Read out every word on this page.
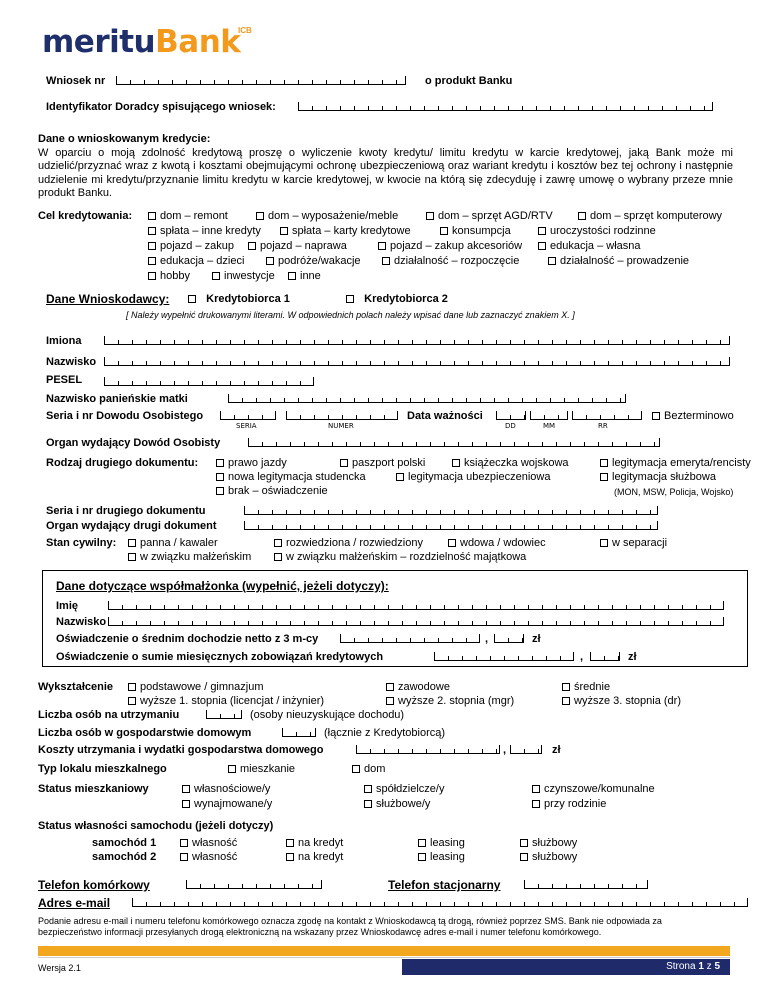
merituBank
ICB
Wniosek nr	o produkt Banku
Identyfikator Doradcy spisującego wniosek:
Dane o wnioskowanym kredycie:
W oparciu o moją zdolność kredytową proszę o wyliczenie kwoty kredytu/ limitu kredytu w karcie kredytowej, jaką Bank może mi udzielić/przyznać wraz z kwotą i kosztami obejmującymi ochronę ubezpieczeniową oraz wariant kredytu i kosztów bez tej ochrony i następnie udzielenie mi kredytu/przyznanie limitu kredytu w karcie kredytowej, w kwocie na którą się zdecyduję i zawrę umowę o wybrany przeze mnie produkt Banku.
Cel kredytowania:	dom – remont	dom – wyposażenie/meble	dom – sprzęt AGD/RTV	dom – sprzęt komputerowy
spłata – inne kredyty	spłata – karty kredytowe	konsumpcja	uroczystości rodzinne
pojazd – zakup	pojazd – naprawa	pojazd – zakup akcesoriów	edukacja – własna
edukacja – dzieci	podróże/wakacje	działalność – rozpoczęcie	działalność – prowadzenie
hobby	inwestycje	inne
Dane Wnioskodawcy:	Kredytobiorca 1	Kredytobiorca 2
[ Należy wypełnić drukowanymi literami. W odpowiednich polach należy wpisać dane lub zaznaczyć znakiem X. ]
Imiona
Nazwisko
PESEL
Nazwisko panieńskie matki
Seria i nr Dowodu Osobistego
SERIA	NUMER
Data ważności
DD	MM	RR
Bezterminowo
Organ wydający Dowód Osobisty
Rodzaj drugiego dokumentu:	prawo jazdy	paszport polski	książeczka wojskowa	legitymacja emeryta/rencisty
nowa legitymacja studencka	legitymacja ubezpieczeniowa	legitymacja służbowa
brak – oświadczenie	(MON, MSW, Policja, Wojsko)
Seria i nr drugiego dokumentu
Organ wydający drugi dokument
Stan cywilny:	panna / kawaler	rozwiedziona / rozwiedziony	wdowa / wdowiec	w separacji
w związku małżeńskim	w związku małżeńskim – rozdzielność majątkowa
Dane dotyczące współmałżonka (wypełnić, jeżeli dotyczy):
Imię
Nazwisko
Oświadczenie o średnim dochodzie netto z 3 m-cy	,	zł
Oświadczenie o sumie miesięcznych zobowiązań kredytowych	,	zł
Wykształcenie	podstawowe / gimnazjum	zawodowe	średnie
wyższe 1. stopnia (licencjat / inżynier)	wyższe 2. stopnia (mgr)	wyższe 3. stopnia (dr)
Liczba osób na utrzymaniu	(osoby nieuzyskujące dochodu)
Liczba osób w gospodarstwie domowym	(łącznie z Kredytobiorcą)
Koszty utrzymania i wydatki gospodarstwa domowego	,	zł
Typ lokalu mieszkalnego	mieszkanie	dom
Status mieszkaniowy	własnościowe/y	spółdzielcze/y	czynszowe/komunalne
wynajmowane/y	służbowe/y	przy rodzinie
Status własności samochodu (jeżeli dotyczy)
samochód 1	własność	na kredyt	leasing	służbowy
samochód 2	własność	na kredyt	leasing	służbowy
Telefon komórkowy	Telefon stacjonarny
Adres e-mail
Podanie adresu e-mail i numeru telefonu komórkowego oznacza zgodę na kontakt z Wnioskodawcą tą drogą, również poprzez SMS. Bank nie odpowiada za bezpieczeństwo informacji przesyłanych drogą elektroniczną na wskazany przez Wnioskodawcę adres e-mail i numer telefonu komórkowego.
Wersja 2.1	Strona 1 z 5
